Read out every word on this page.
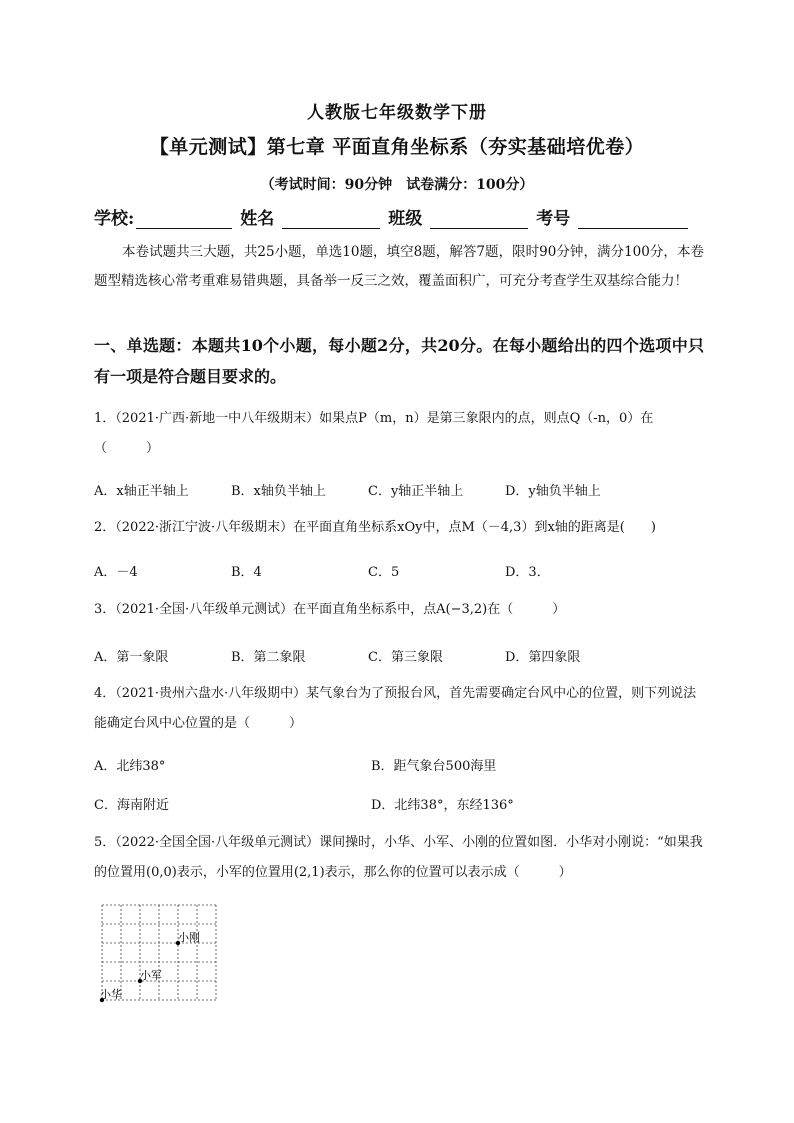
人教版七年级数学下册
【单元测试】第七章 平面直角坐标系（夯实基础培优卷）
（考试时间：90分钟　试卷满分：100分）
学校:	姓名	班级	考号
本卷试题共三大题，共25小题，单选10题，填空8题，解答7题，限时90分钟，满分100分，本卷题型精选核心常考重难易错典题，具备举一反三之效，覆盖面积广，可充分考查学生双基综合能力！
一、单选题：本题共10个小题，每小题2分，共20分。在每小题给出的四个选项中只有一项是符合题目要求的。
1．（2021·广西·新地一中八年级期末）如果点P（m，n）是第三象限内的点，则点Q（-n，0）在（　　　）
A．x轴正半轴上	B．x轴负半轴上	C．y轴正半轴上	D．y轴负半轴上
2．（2022·浙江宁波·八年级期末）在平面直角坐标系xOy中，点M（－4,3）到x轴的距离是(　　)
A．－4	B．4	C．5	D．3．
3．（2021·全国·八年级单元测试）在平面直角坐标系中，点A(−3,2)在（　　　）
A．第一象限	B．第二象限	C．第三象限	D．第四象限
4．（2021·贵州六盘水·八年级期中）某气象台为了预报台风，首先需要确定台风中心的位置，则下列说法能确定台风中心位置的是（　　　）
A．北纬38°	B．距气象台500海里
C．海南附近	D．北纬38°，东经136°
5．（2022·全国全国·八年级单元测试）课间操时，小华、小军、小刚的位置如图．小华对小刚说：“如果我的位置用(0,0)表示，小军的位置用(2,1)表示，那么你的位置可以表示成（　　　）
小刚
小军
小华
